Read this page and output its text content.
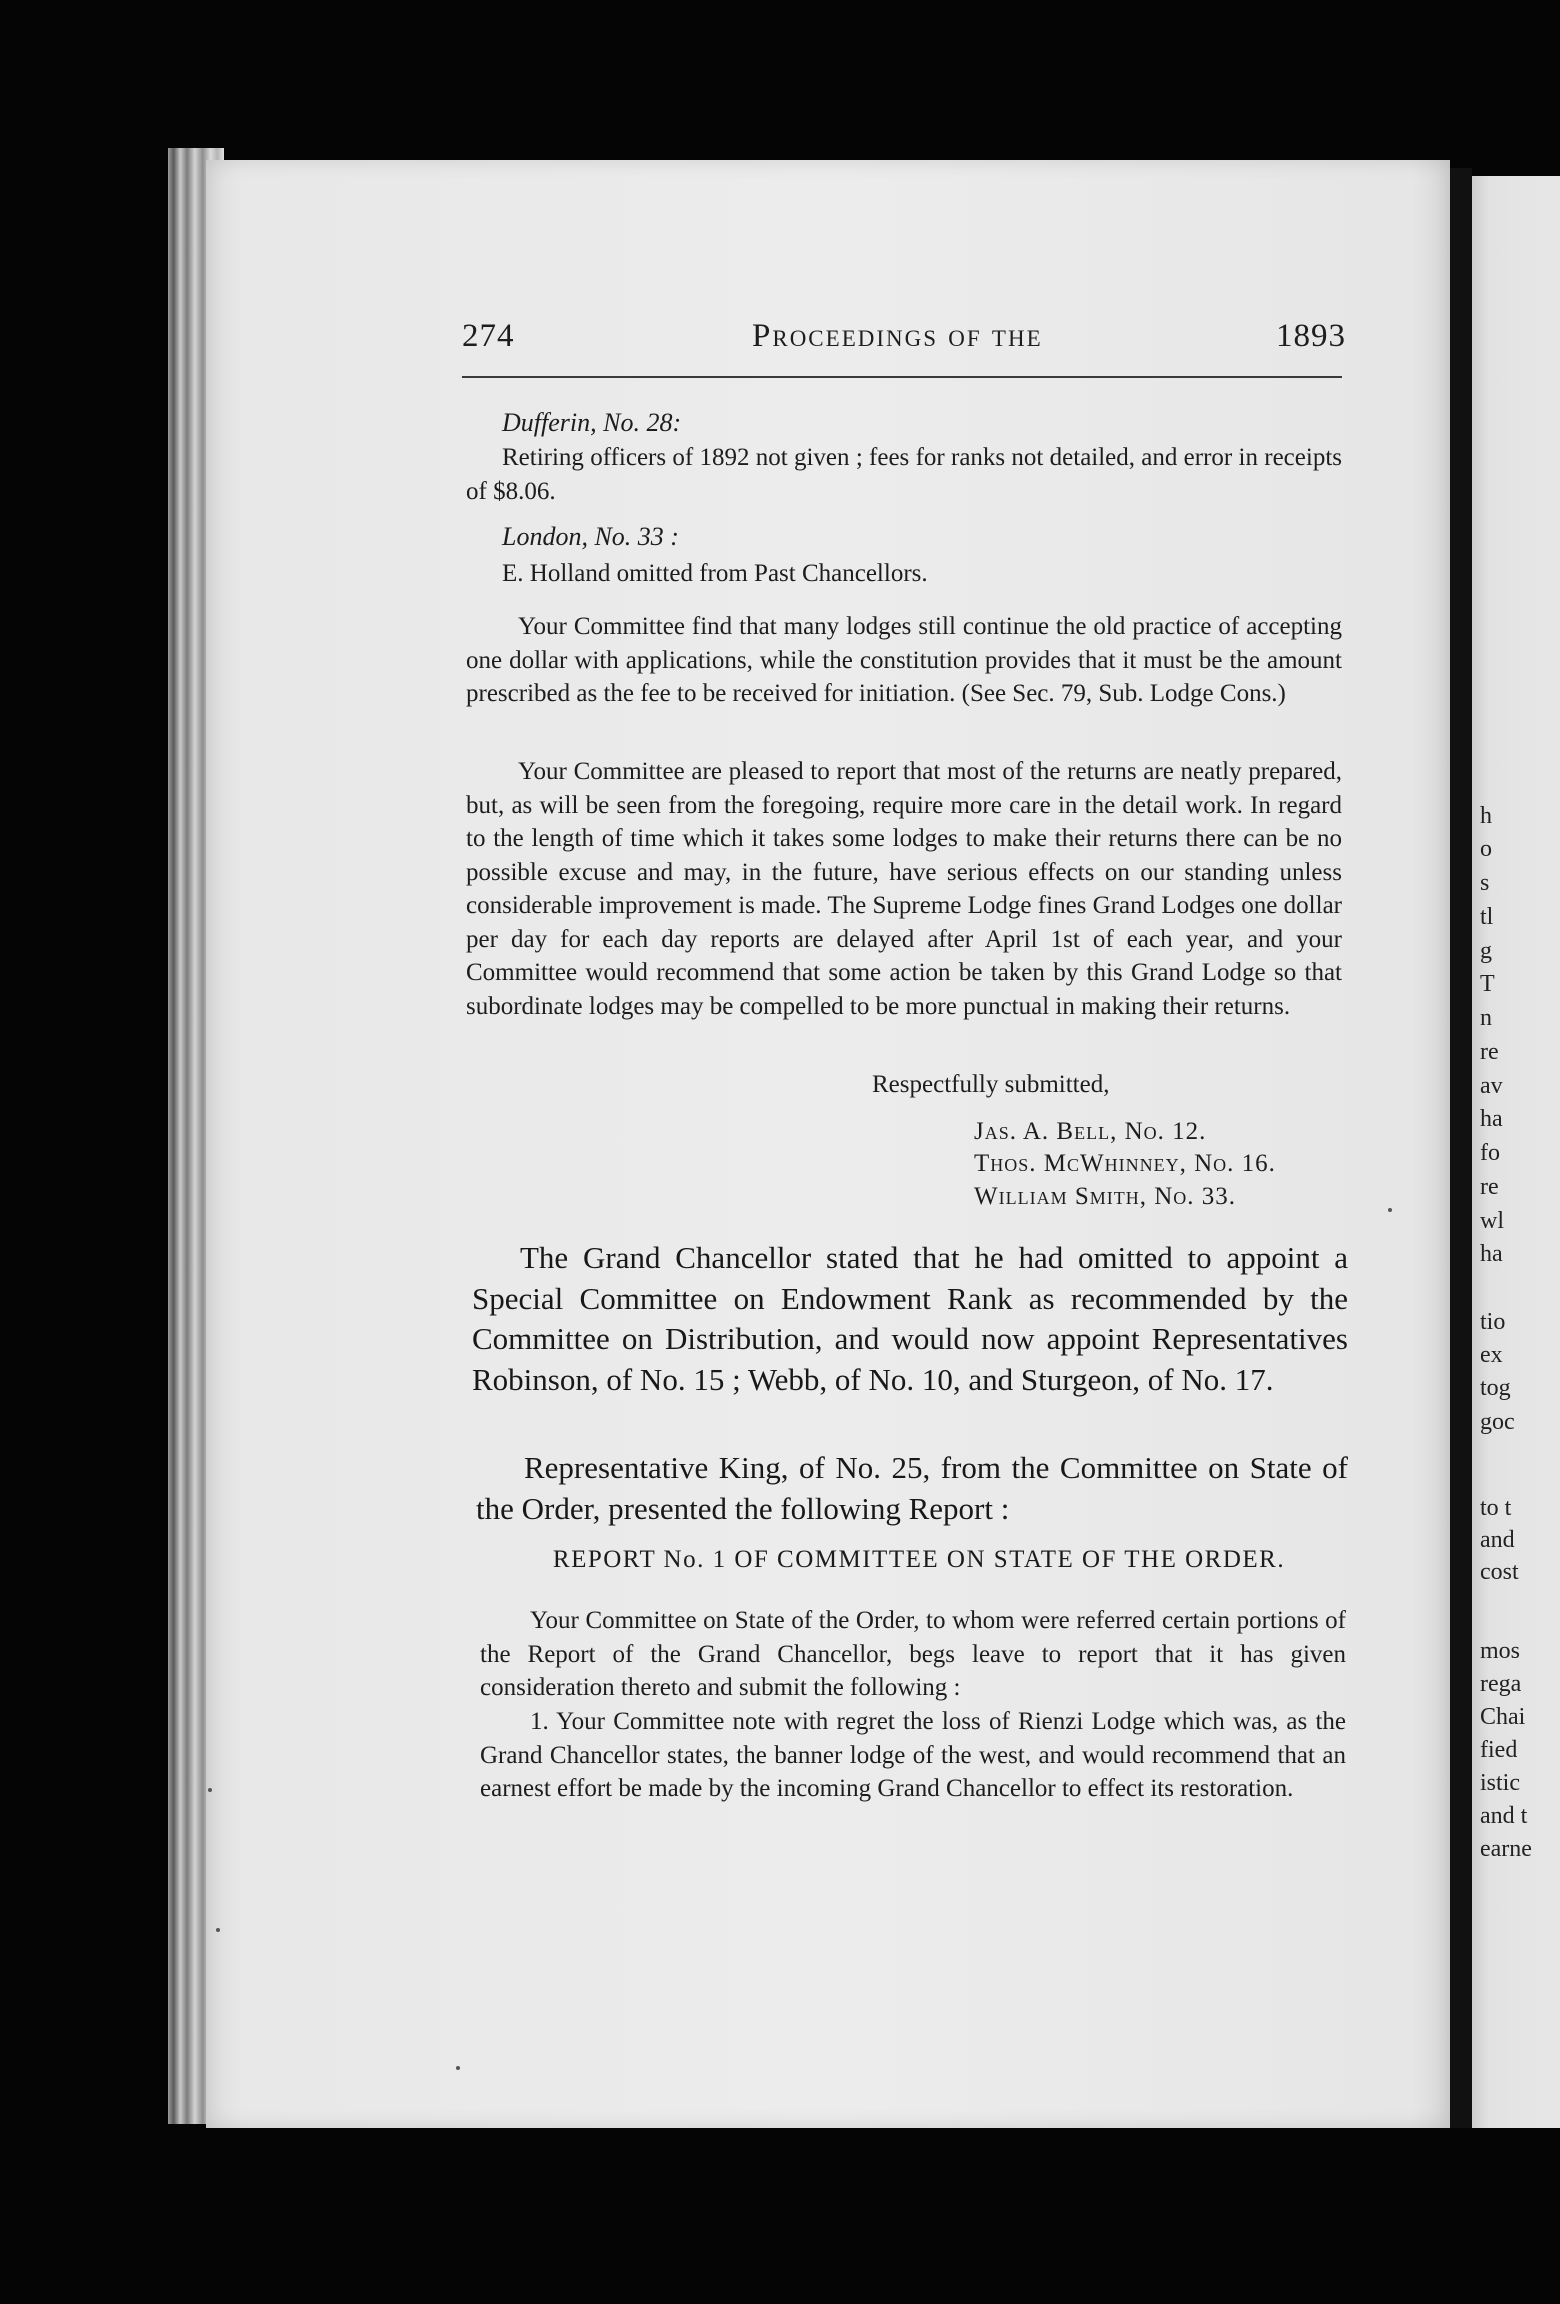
h
o
s
tl
g
T
n
re
av
ha
fo
re
wl
ha
tio
ex
tog
goc
to t
and
cost
mos
rega
Chai
fied
istic
and t
earne
274	Proceedings of the	1893
Dufferin, No. 28:
Retiring officers of 1892 not given ; fees for ranks not detailed, and error in receipts of $8.06.
London, No. 33 :
E. Holland omitted from Past Chancellors.
Your Committee find that many lodges still continue the old practice of accepting one dollar with applications, while the constitution provides that it must be the amount prescribed as the fee to be received for initiation. (See Sec. 79, Sub. Lodge Cons.)
Your Committee are pleased to report that most of the returns are neatly prepared, but, as will be seen from the foregoing, require more care in the detail work. In regard to the length of time which it takes some lodges to make their returns there can be no possible excuse and may, in the future, have serious effects on our standing unless considerable improvement is made. The Supreme Lodge fines Grand Lodges one dollar per day for each day reports are delayed after April 1st of each year, and your Committee would recommend that some action be taken by this Grand Lodge so that subordinate lodges may be compelled to be more punctual in making their returns.
Respectfully submitted,
Jas. A. Bell, No. 12.
Thos. McWhinney, No. 16.
William Smith, No. 33.
The Grand Chancellor stated that he had omitted to appoint a Special Committee on Endowment Rank as recommended by the Committee on Distribution, and would now appoint Representatives Robinson, of No. 15 ; Webb, of No. 10, and Sturgeon, of No. 17.
Representative King, of No. 25, from the Committee on State of the Order, presented the following Report :
REPORT No. 1 OF COMMITTEE ON STATE OF THE ORDER.
Your Committee on State of the Order, to whom were referred certain portions of the Report of the Grand Chancellor, begs leave to report that it has given consideration thereto and submit the following :
1. Your Committee note with regret the loss of Rienzi Lodge which was, as the Grand Chancellor states, the banner lodge of the west, and would recommend that an earnest effort be made by the incoming Grand Chancellor to effect its restoration.
